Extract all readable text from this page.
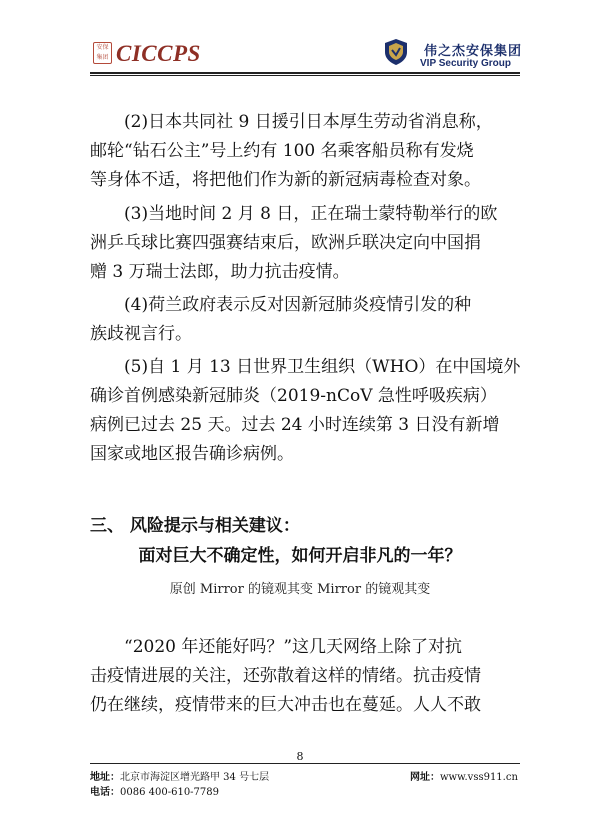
安保集团 CICCPS	伟之杰安保集团
VIP Security Group

(2)日本共同社 9 日援引日本厚生劳动省消息称，
邮轮“钻石公主”号上约有 100 名乘客船员称有发烧
等身体不适，将把他们作为新的新冠病毒检查对象。

(3)当地时间 2 月 8 日，正在瑞士蒙特勒举行的欧
洲乒乓球比赛四强赛结束后，欧洲乒联决定向中国捐
赠 3 万瑞士法郎，助力抗击疫情。

(4)荷兰政府表示反对因新冠肺炎疫情引发的种
族歧视言行。

(5)自 1 月 13 日世界卫生组织（WHO）在中国境外
确诊首例感染新冠肺炎（2019-nCoV 急性呼吸疾病）
病例已过去 25 天。过去 24 小时连续第 3 日没有新增
国家或地区报告确诊病例。

三、 风险提示与相关建议：

面对巨大不确定性，如何开启非凡的一年？

原创 Mirror 的镜观其变 Mirror 的镜观其变

“2020 年还能好吗？”这几天网络上除了对抗
击疫情进展的关注，还弥散着这样的情绪。抗击疫情
仍在继续，疫情带来的巨大冲击也在蔓延。人人不敢

8
地址：北京市海淀区增光路甲 34 号七层
电话：0086 400-610-7789
网址：www.vss911.cn
